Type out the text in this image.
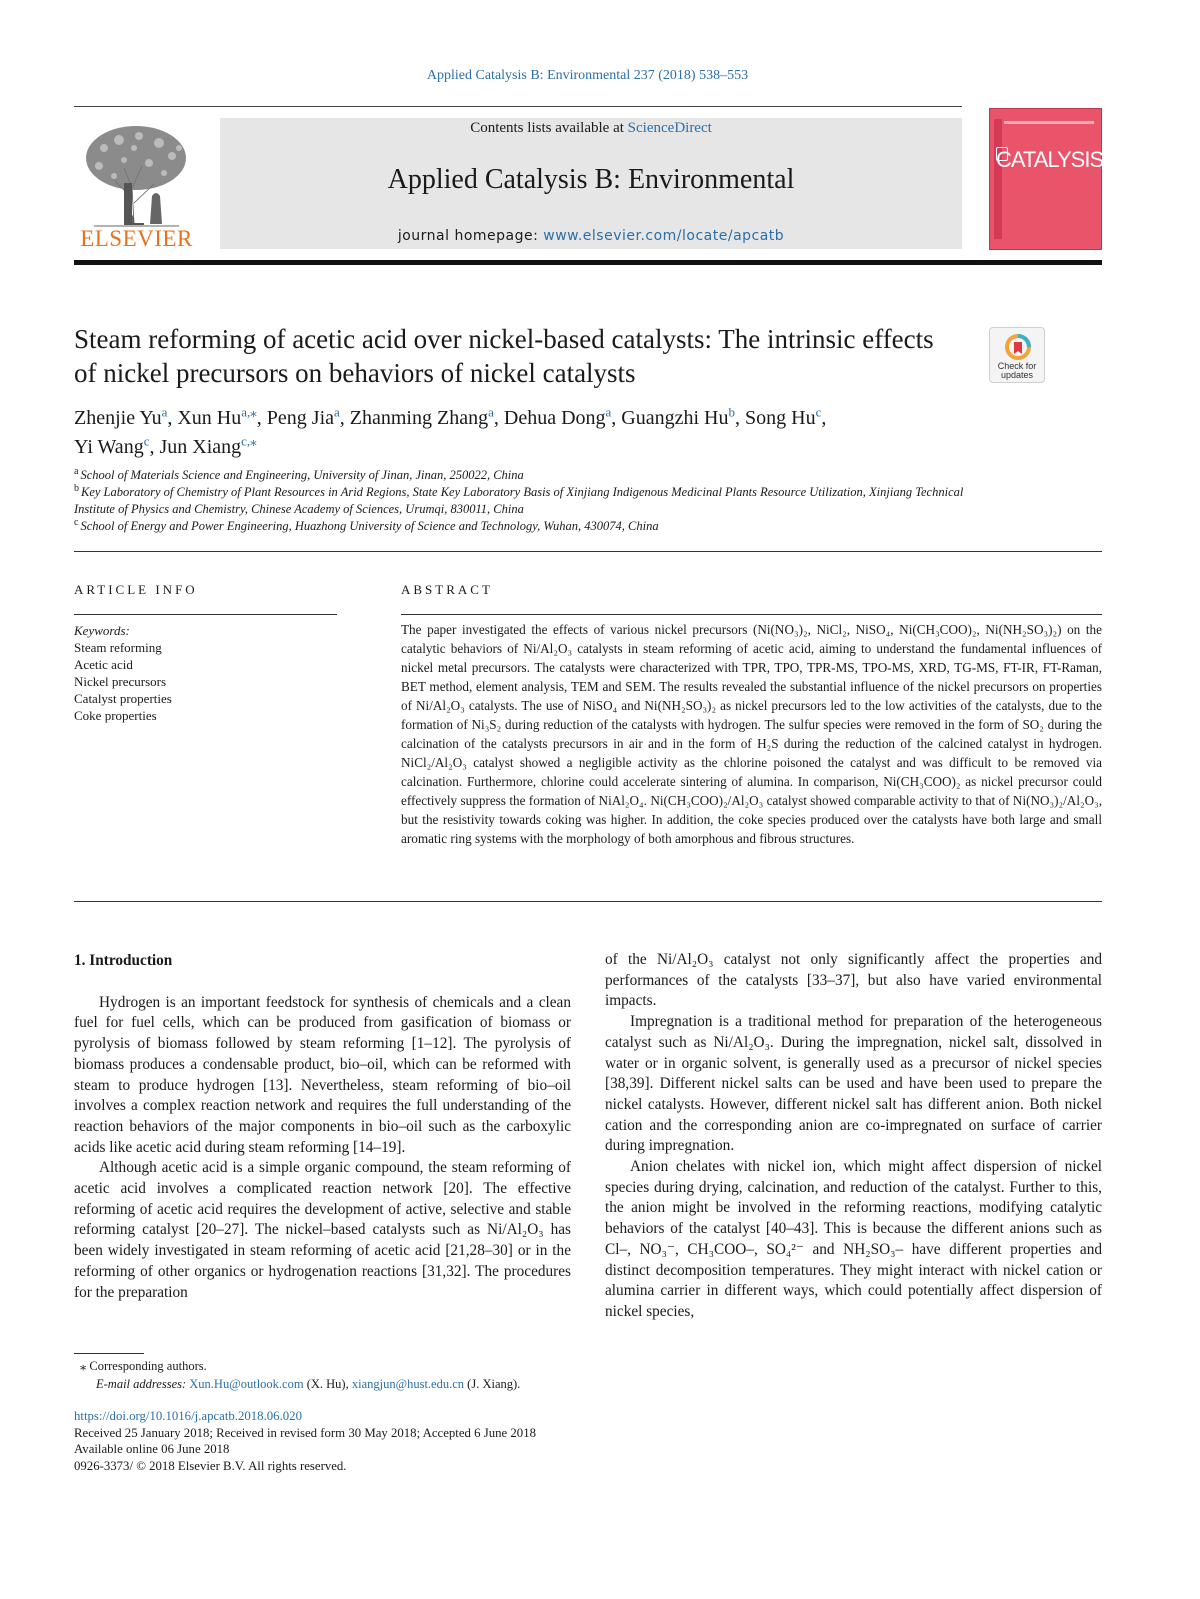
Applied Catalysis B: Environmental 237 (2018) 538–553
ELSEVIER
Contents lists available at ScienceDirect
Applied Catalysis B: Environmental
journal homepage: www.elsevier.com/locate/apcatb
CATALYSIS
Steam reforming of acetic acid over nickel-based catalysts: The intrinsic effects of nickel precursors on behaviors of nickel catalysts	Check for
updates
Zhenjie Yu$^a$, Xun $Hu^{a,⁎}$, Peng Jia$^a$, Zhanming Zhang$^a$, Dehua Dong$^a$, Guangzhi Hu$^b$, Song Hu$^c$,
Yi Wang$^c$, Jun Xiang$^{c,⁎}$
$^a$ School of Materials Science and Engineering, University of Jinan, Jinan, 250022, China
$^b$ Key Laboratory of Chemistry of Plant Resources in Arid Regions, State Key Laboratory Basis of Xinjiang Indigenous Medicinal Plants Resource Utilization, Xinjiang Technical Institute of Physics and Chemistry, Chinese Academy of Sciences, Urumqi, 830011, China
$^c$ School of Energy and Power Engineering, Huazhong University of Science and Technology, Wuhan, 430074, China
ARTICLE INFO
Keywords:
Steam reforming
Acetic acid
Nickel precursors
Catalyst properties
Coke properties
ABSTRACT
The paper investigated the effects of various nickel precursors (Ni(NO₃)₂, NiCl₂, NiSO₄, Ni(CH₃COO)₂, Ni(NH₂SO₃)₂) on the catalytic behaviors of Ni/Al₂O₃ catalysts in steam reforming of acetic acid, aiming to understand the fundamental influences of nickel metal precursors. The catalysts were characterized with TPR, TPO, TPR-MS, TPO-MS, XRD, TG-MS, FT-IR, FT-Raman, BET method, element analysis, TEM and SEM. The results revealed the substantial influence of the nickel precursors on properties of Ni/Al₂O₃ catalysts. The use of NiSO₄ and Ni(NH₂SO₃)₂ as nickel precursors led to the low activities of the catalysts, due to the formation of Ni₃S₂ during reduction of the catalysts with hydrogen. The sulfur species were removed in the form of SO₂ during the calcination of the catalysts precursors in air and in the form of H₂S during the reduction of the calcined catalyst in hydrogen. NiCl₂/Al₂O₃ catalyst showed a negligible activity as the chlorine poisoned the catalyst and was difficult to be removed via calcination. Furthermore, chlorine could accelerate sintering of alumina. In comparison, Ni(CH₃COO)₂ as nickel precursor could effectively suppress the formation of NiAl₂O₄. Ni(CH₃COO)₂/Al₂O₃ catalyst showed comparable activity to that of Ni(NO₃)₂/Al₂O₃, but the resistivity towards coking was higher. In addition, the coke species produced over the catalysts have both large and small aromatic ring systems with the morphology of both amorphous and fibrous structures.
1. Introduction

Hydrogen is an important feedstock for synthesis of chemicals and a clean fuel for fuel cells, which can be produced from gasification of biomass or pyrolysis of biomass followed by steam reforming [1–12]. The pyrolysis of biomass produces a condensable product, bio–oil, which can be reformed with steam to produce hydrogen [13]. Nevertheless, steam reforming of bio–oil involves a complex reaction network and requires the full understanding of the reaction behaviors of the major components in bio–oil such as the carboxylic acids like acetic acid during steam reforming [14–19].

Although acetic acid is a simple organic compound, the steam reforming of acetic acid involves a complicated reaction network [20]. The effective reforming of acetic acid requires the development of active, selective and stable reforming catalyst [20–27]. The nickel–based catalysts such as Ni/Al₂O₃ has been widely investigated in steam reforming of acetic acid [21,28–30] or in the reforming of other organics or hydrogenation reactions [31,32]. The procedures for the preparation

of the Ni/Al₂O₃ catalyst not only significantly affect the properties and performances of the catalysts [33–37], but also have varied environmental impacts.

Impregnation is a traditional method for preparation of the heterogeneous catalyst such as Ni/Al₂O₃. During the impregnation, nickel salt, dissolved in water or in organic solvent, is generally used as a precursor of nickel species [38,39]. Different nickel salts can be used and have been used to prepare the nickel catalysts. However, different nickel salt has different anion. Both nickel cation and the corresponding anion are co-impregnated on surface of carrier during impregnation.

Anion chelates with nickel ion, which might affect dispersion of nickel species during drying, calcination, and reduction of the catalyst. Further to this, the anion might be involved in the reforming reactions, modifying catalytic behaviors of the catalyst [40–43]. This is because the different anions such as Cl–, NO₃⁻, CH₃COO–, SO₄²⁻ and NH₂SO₃– have different properties and distinct decomposition temperatures. They might interact with nickel cation or alumina carrier in different ways, which could potentially affect dispersion of nickel species,

⁎ Corresponding authors.
E-mail addresses: Xun.Hu@outlook.com (X. Hu), xiangjun@hust.edu.cn (J. Xiang).
https://doi.org/10.1016/j.apcatb.2018.06.020
Received 25 January 2018; Received in revised form 30 May 2018; Accepted 6 June 2018
Available online 06 June 2018
0926-3373/ © 2018 Elsevier B.V. All rights reserved.
